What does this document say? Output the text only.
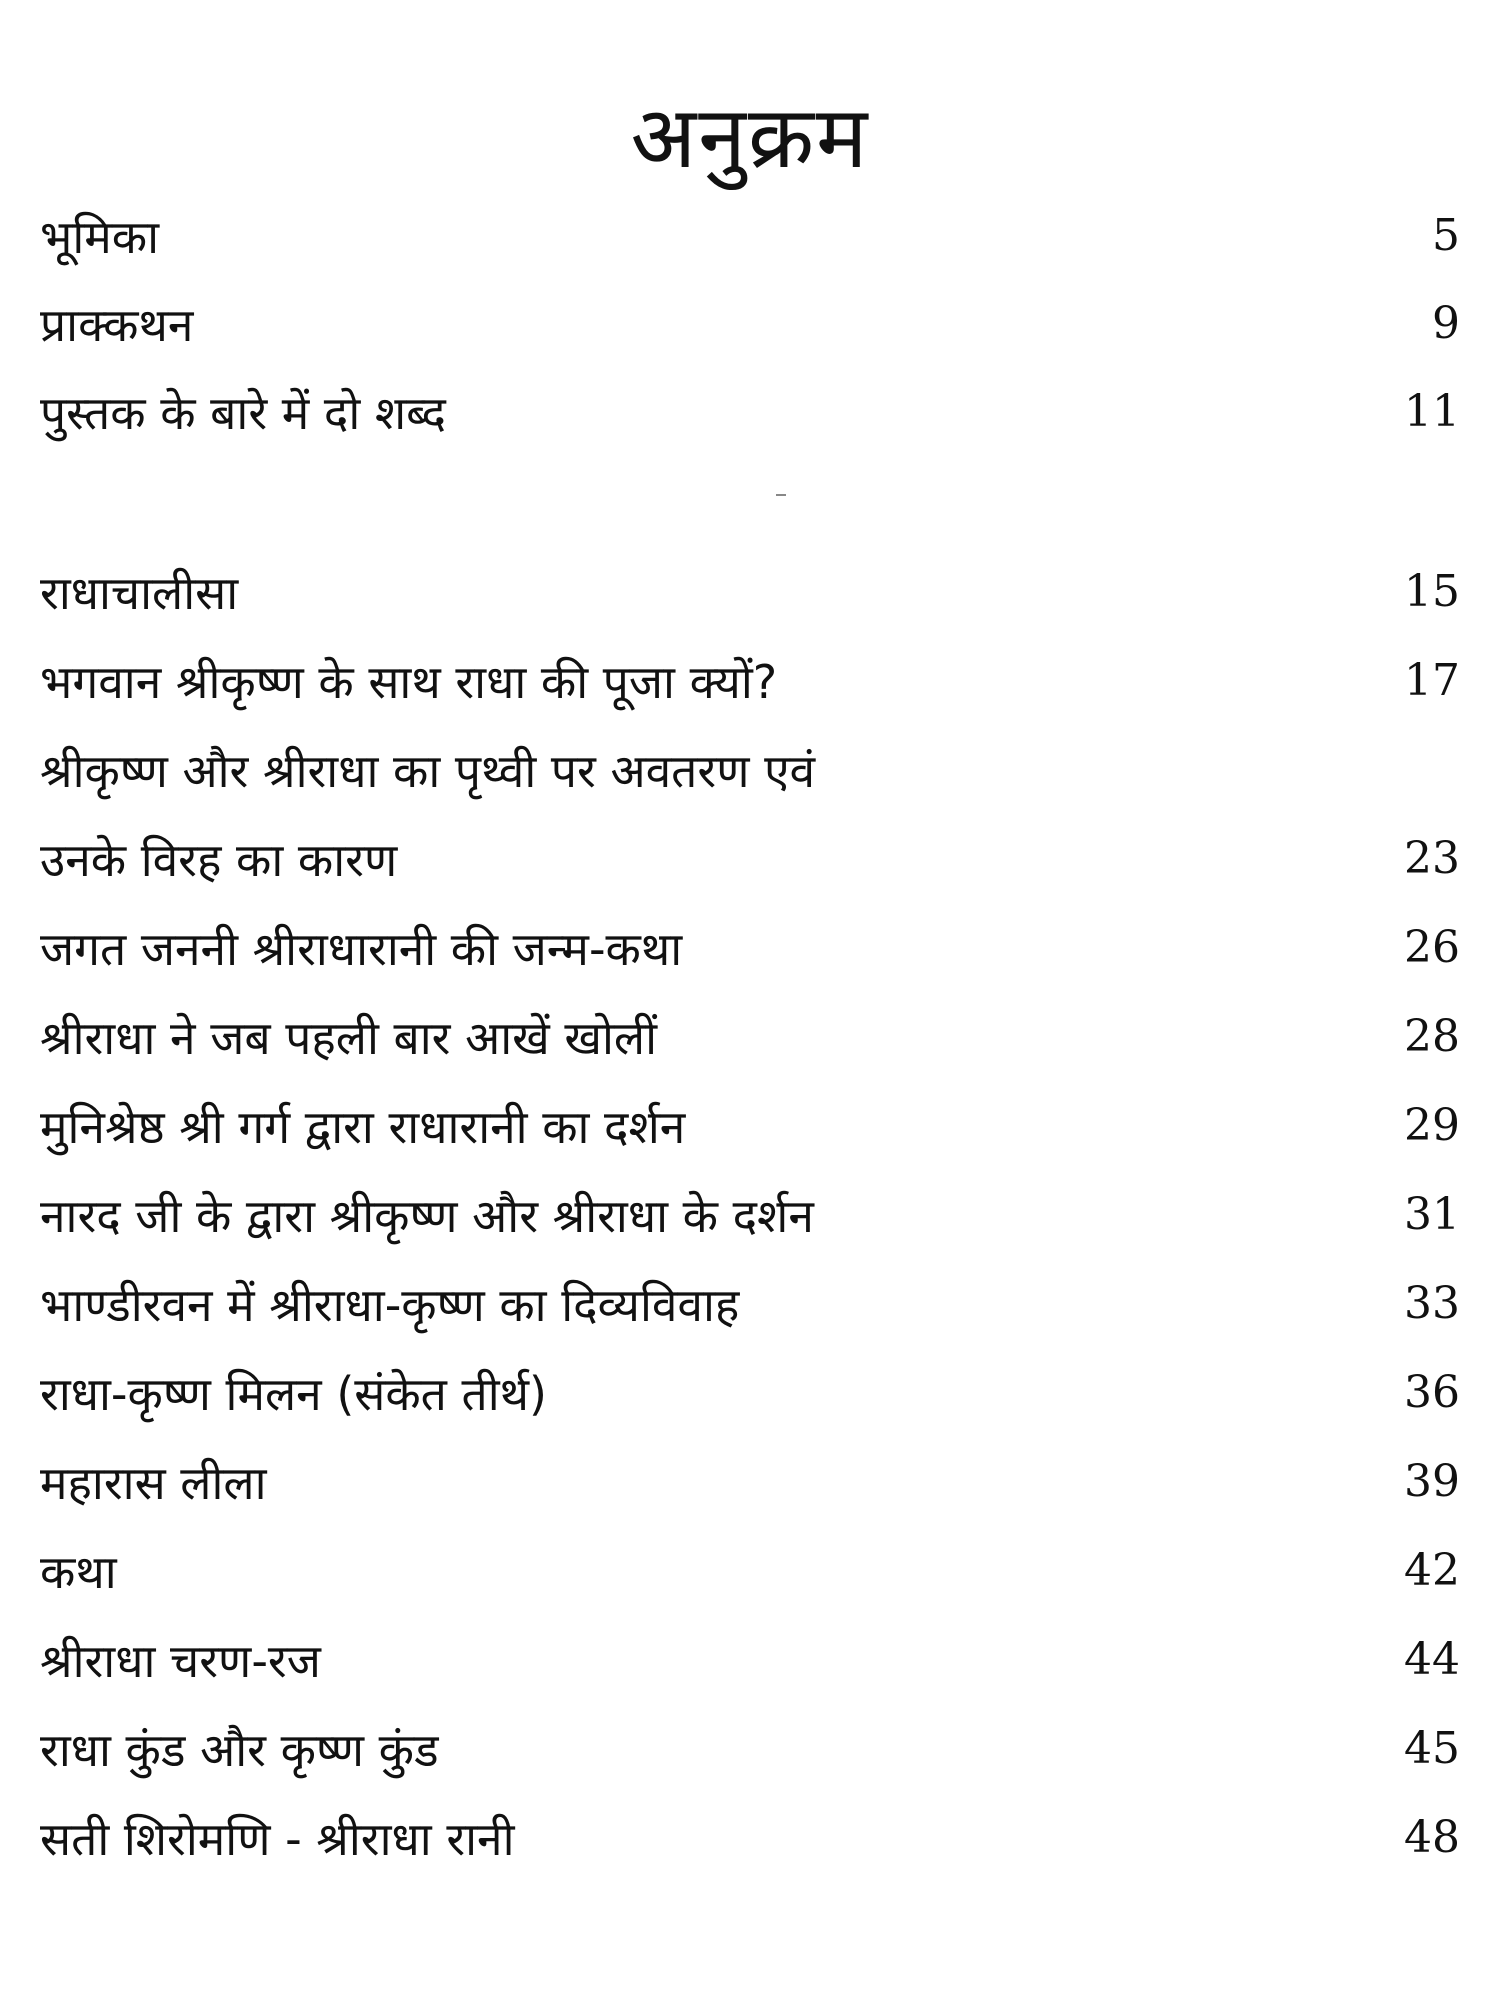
अनुक्रम
भूमिका	5
प्राक्कथन	9
पुस्तक के बारे में दो शब्द	11
राधाचालीसा	15
भगवान श्रीकृष्ण के साथ राधा की पूजा क्यों?	17
श्रीकृष्ण और श्रीराधा का पृथ्वी पर अवतरण एवं
उनके विरह का कारण	23
जगत जननी श्रीराधारानी की जन्म-कथा	26
श्रीराधा ने जब पहली बार आखें खोलीं	28
मुनिश्रेष्ठ श्री गर्ग द्वारा राधारानी का दर्शन	29
नारद जी के द्वारा श्रीकृष्ण और श्रीराधा के दर्शन	31
भाण्डीरवन में श्रीराधा-कृष्ण का दिव्यविवाह	33
राधा-कृष्ण मिलन (संकेत तीर्थ)	36
महारास लीला	39
कथा	42
श्रीराधा चरण-रज	44
राधा कुंड और कृष्ण कुंड	45
सती शिरोमणि - श्रीराधा रानी	48
